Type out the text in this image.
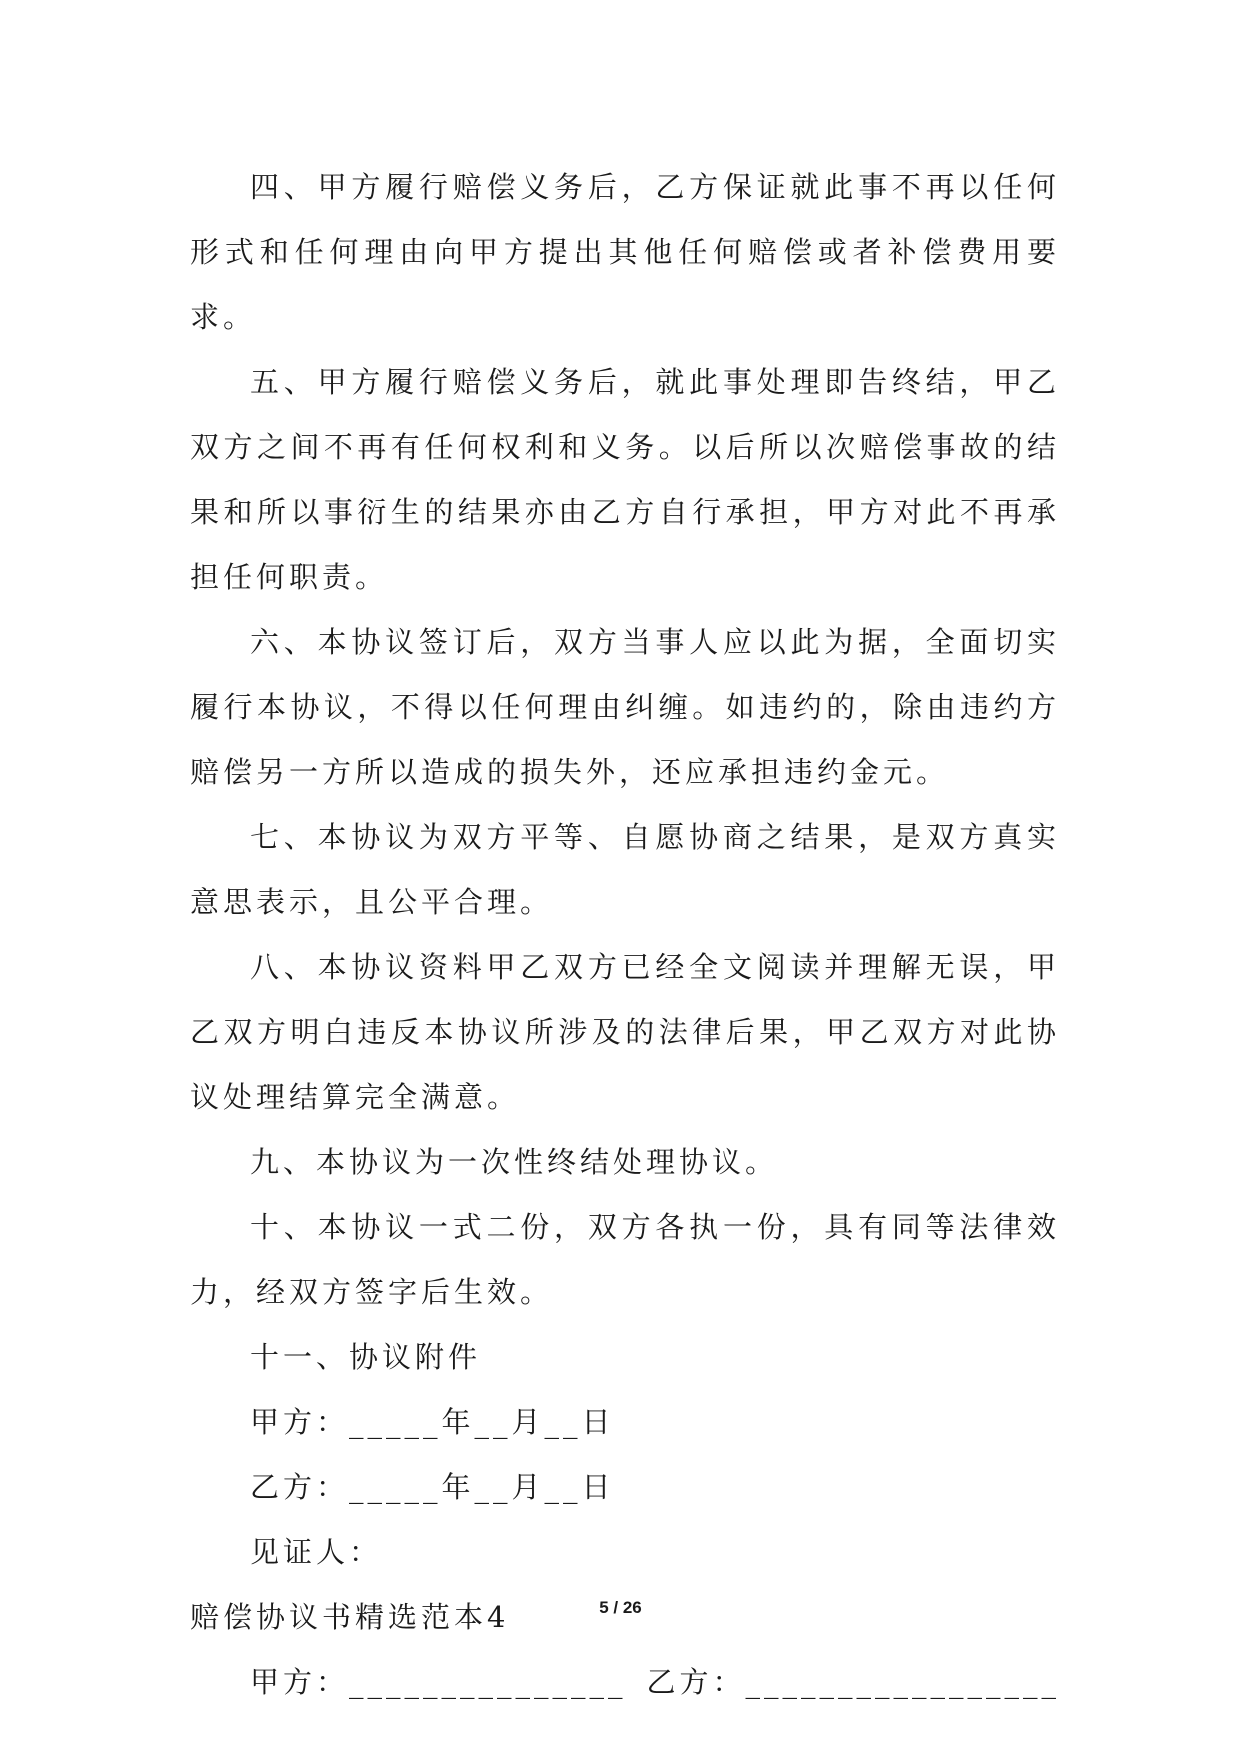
四、甲方履行赔偿义务后，乙方保证就此事不再以任何形式和任何理由向甲方提出其他任何赔偿或者补偿费用要求。

五、甲方履行赔偿义务后，就此事处理即告终结，甲乙双方之间不再有任何权利和义务。以后所以次赔偿事故的结果和所以事衍生的结果亦由乙方自行承担，甲方对此不再承担任何职责。

六、本协议签订后，双方当事人应以此为据，全面切实履行本协议，不得以任何理由纠缠。如违约的，除由违约方赔偿另一方所以造成的损失外，还应承担违约金元。

七、本协议为双方平等、自愿协商之结果，是双方真实意思表示，且公平合理。

八、本协议资料甲乙双方已经全文阅读并理解无误，甲乙双方明白违反本协议所涉及的法律后果，甲乙双方对此协议处理结算完全满意。

九、本协议为一次性终结处理协议。

十、本协议一式二份，双方各执一份，具有同等法律效力，经双方签字后生效。

十一、协议附件

甲方：_____年__月__日

乙方：_____年__月__日

见证人：

赔偿协议书精选范本4

甲方：_______________ 乙方：_________________
5 / 26
